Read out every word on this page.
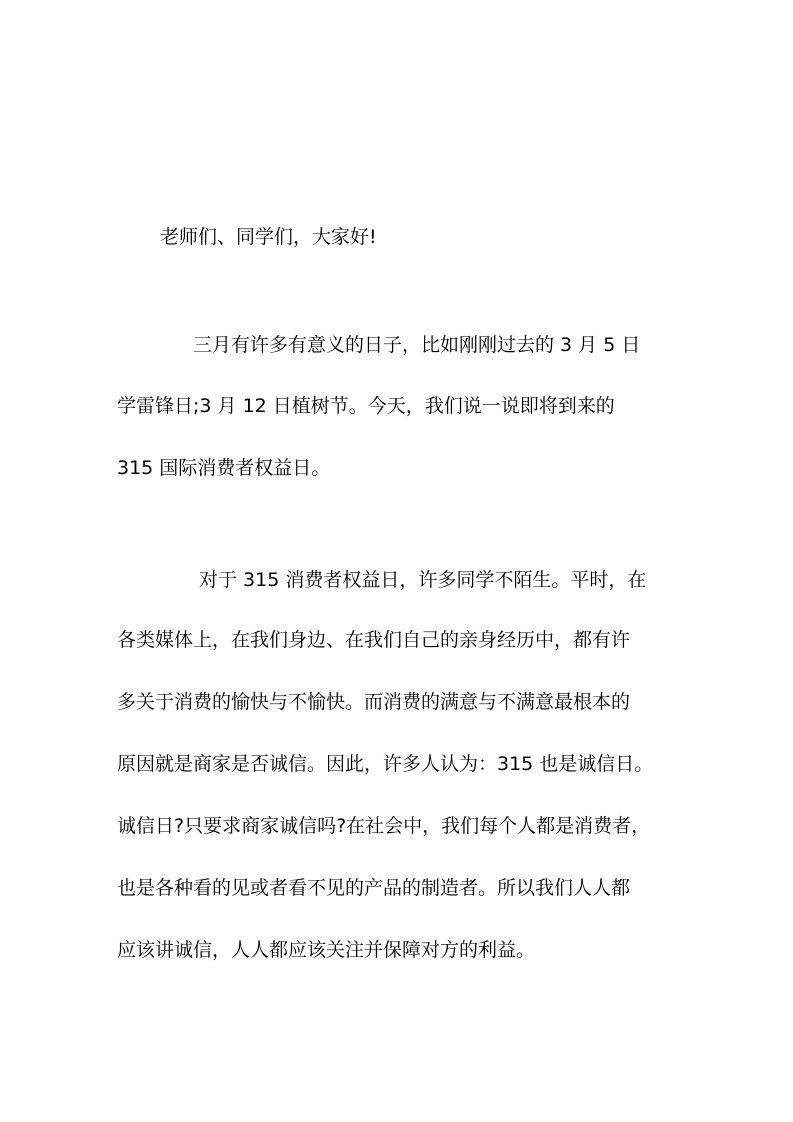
老师们、同学们，大家好!
三月有许多有意义的日子，比如刚刚过去的 3 月 5 日
学雷锋日;3 月 12 日植树节。今天，我们说一说即将到来的
315 国际消费者权益日。
对于 315 消费者权益日，许多同学不陌生。平时，在
各类媒体上，在我们身边、在我们自己的亲身经历中，都有许
多关于消费的愉快与不愉快。而消费的满意与不满意最根本的
原因就是商家是否诚信。因此，许多人认为：315 也是诚信日。
诚信日?只要求商家诚信吗?在社会中，我们每个人都是消费者，
也是各种看的见或者看不见的产品的制造者。所以我们人人都
应该讲诚信，人人都应该关注并保障对方的利益。
